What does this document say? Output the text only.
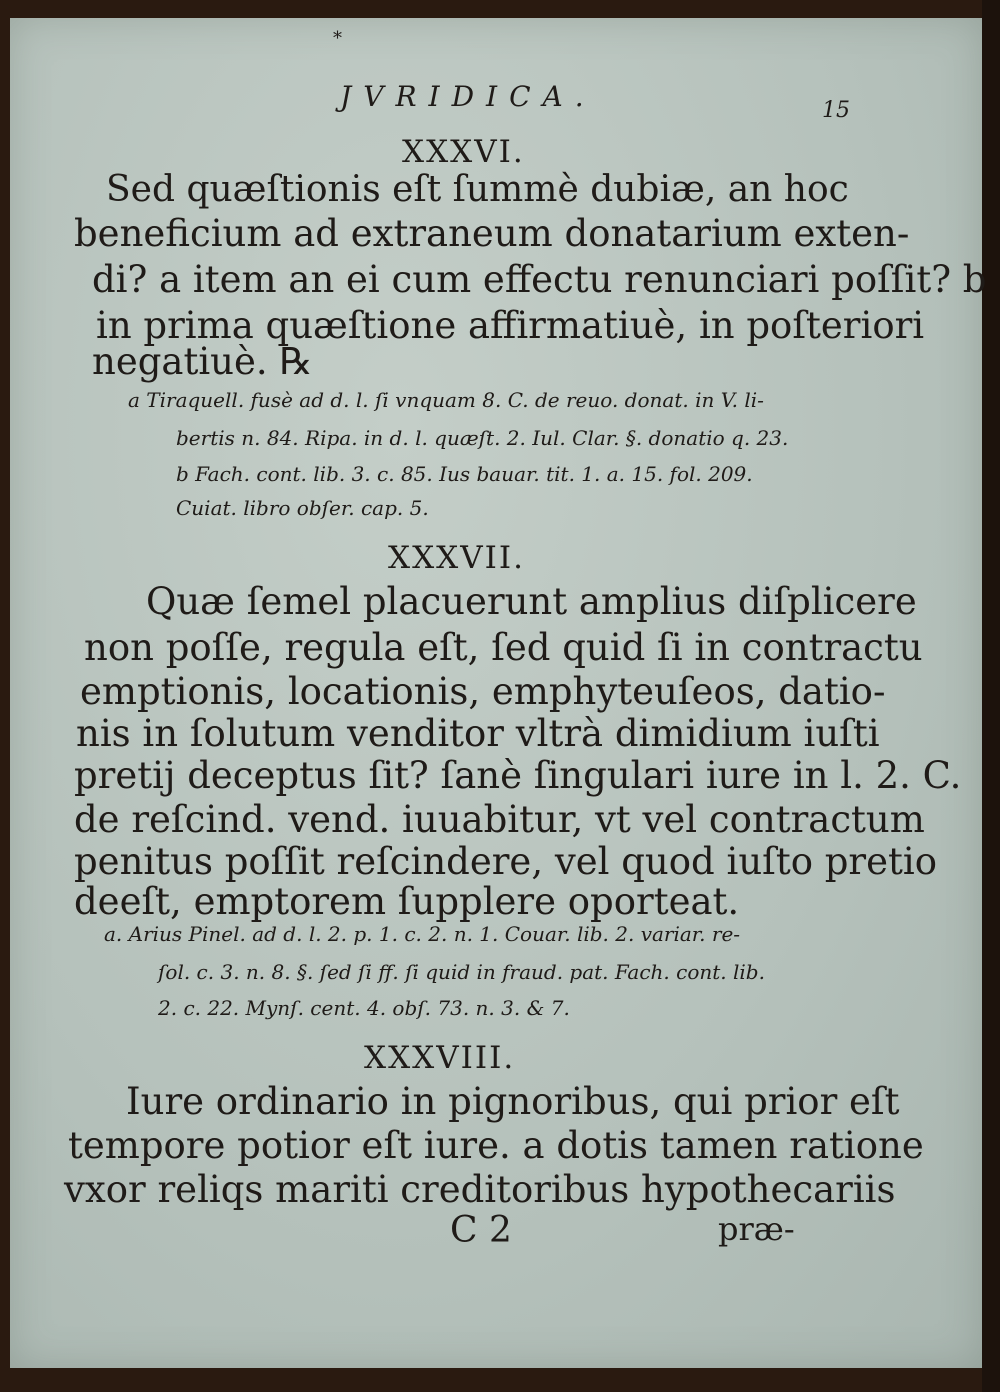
*
JVRIDICA.	15
XXXVI.
Sed quæſtionis eſt ſummè dubiæ, an hoc
beneficium ad extraneum donatarium exten-
di? a item an ei cum effectu renunciari poſſit? b
in prima quæſtione affirmatiuè, in poſteriori
negatiuè. ℞
a Tiraquell. fusè ad d. l. ſi vnquam 8. C. de reuo. donat. in V. li-
bertis n. 84. Ripa. in d. l. quæſt. 2. Iul. Clar. §. donatio q. 23.
b Fach. cont. lib. 3. c. 85. Ius bauar. tit. 1. a. 15. fol. 209.
Cuiat. libro obſer. cap. 5.
XXXVII.
Quæ ſemel placuerunt amplius diſplicere
non poſſe, regula eſt, ſed quid ſi in contractu
emptionis, locationis, emphyteuſeos, datio-
nis in ſolutum venditor vltrà dimidium iuſti
pretij deceptus ſit? ſanè ſingulari iure in l. 2. C.
de reſcind. vend. iuuabitur, vt vel contractum
penitus poſſit reſcindere, vel quod iuſto pretio
deeſt, emptorem ſupplere oporteat.
a. Arius Pinel. ad d. l. 2. p. 1. c. 2. n. 1. Couar. lib. 2. variar. re-
ſol. c. 3. n. 8. §. ſed ſi ff. ſi quid in fraud. pat. Fach. cont. lib.
2. c. 22. Mynſ. cent. 4. obſ. 73. n. 3. & 7.
XXXVIII.
Iure ordinario in pignoribus, qui prior eſt
tempore potior eſt iure. a dotis tamen ratione
vxor reliqs mariti creditoribus hypothecariis
C 2	præ-
